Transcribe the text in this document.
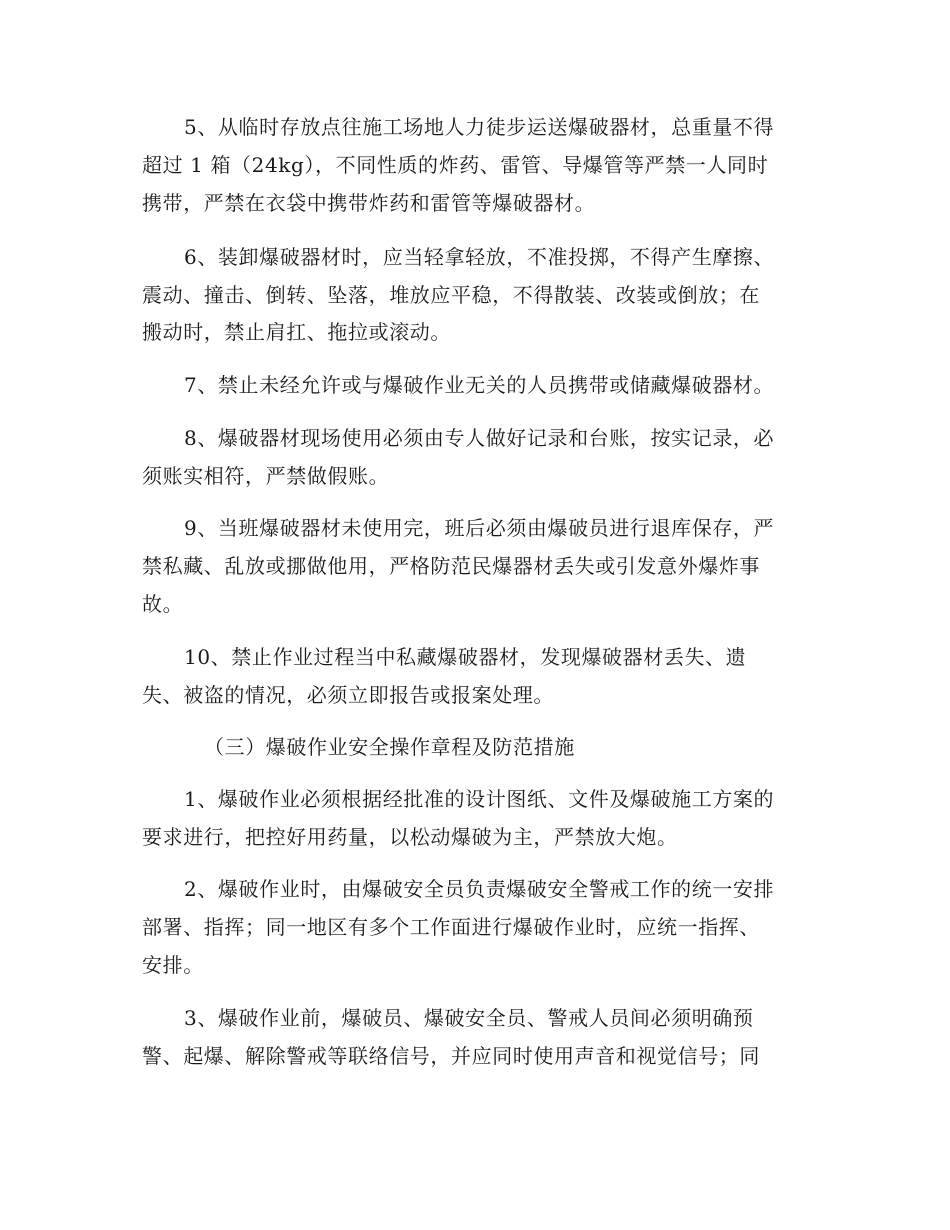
5、从临时存放点往施工场地人力徒步运送爆破器材，总重量不得
超过 1 箱（24kg），不同性质的炸药、雷管、导爆管等严禁一人同时
携带，严禁在衣袋中携带炸药和雷管等爆破器材。
6、装卸爆破器材时，应当轻拿轻放，不准投掷，不得产生摩擦、
震动、撞击、倒转、坠落，堆放应平稳，不得散装、改装或倒放；在
搬动时，禁止肩扛、拖拉或滚动。
7、禁止未经允许或与爆破作业无关的人员携带或储藏爆破器材。
8、爆破器材现场使用必须由专人做好记录和台账，按实记录，必
须账实相符，严禁做假账。
9、当班爆破器材未使用完，班后必须由爆破员进行退库保存，严
禁私藏、乱放或挪做他用，严格防范民爆器材丢失或引发意外爆炸事
故。
10、禁止作业过程当中私藏爆破器材，发现爆破器材丢失、遗
失、被盗的情况，必须立即报告或报案处理。
（三）爆破作业安全操作章程及防范措施
1、爆破作业必须根据经批准的设计图纸、文件及爆破施工方案的
要求进行，把控好用药量，以松动爆破为主，严禁放大炮。
2、爆破作业时，由爆破安全员负责爆破安全警戒工作的统一安排
部署、指挥；同一地区有多个工作面进行爆破作业时，应统一指挥、
安排。
3、爆破作业前，爆破员、爆破安全员、警戒人员间必须明确预
警、起爆、解除警戒等联络信号，并应同时使用声音和视觉信号；同
